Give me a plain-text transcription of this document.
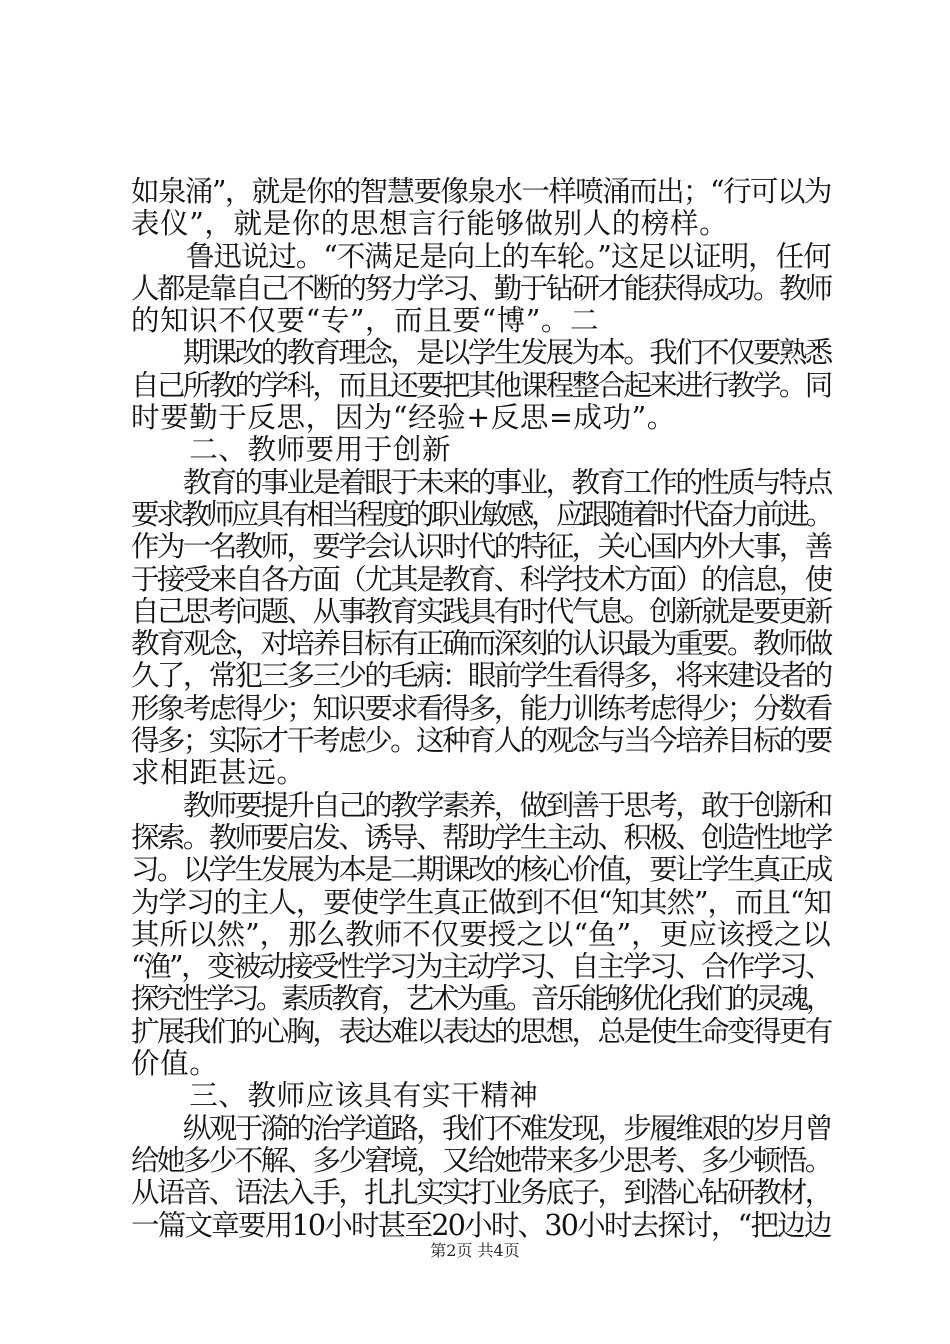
如泉涌”，就是你的智慧要像泉水一样喷涌而出；“行可以为
表仪”，就是你的思想言行能够做别人的榜样。
　　鲁迅说过。“不满足是向上的车轮。”这足以证明，任何
人都是靠自己不断的努力学习、勤于钻研才能获得成功。教师
的知识不仅要“专”，而且要“博”。二
　　期课改的教育理念，是以学生发展为本。我们不仅要熟悉
自己所教的学科，而且还要把其他课程整合起来进行教学。同
时要勤于反思，因为“经验+反思=成功”。
　　二、教师要用于创新
　　教育的事业是着眼于未来的事业，教育工作的性质与特点
要求教师应具有相当程度的职业敏感，应跟随着时代奋力前进。
作为一名教师，要学会认识时代的特征，关心国内外大事，善
于接受来自各方面（尤其是教育、科学技术方面）的信息，使
自己思考问题、从事教育实践具有时代气息。创新就是要更新
教育观念，对培养目标有正确而深刻的认识最为重要。教师做
久了，常犯三多三少的毛病：眼前学生看得多，将来建设者的
形象考虑得少；知识要求看得多，能力训练考虑得少；分数看
得多；实际才干考虑少。这种育人的观念与当今培养目标的要
求相距甚远。
　　教师要提升自己的教学素养，做到善于思考，敢于创新和
探索。教师要启发、诱导、帮助学生主动、积极、创造性地学
习。以学生发展为本是二期课改的核心价值，要让学生真正成
为学习的主人，要使学生真正做到不但“知其然”，而且“知
其所以然”，那么教师不仅要授之以“鱼”，更应该授之以
“渔”，变被动接受性学习为主动学习、自主学习、合作学习、
探究性学习。素质教育，艺术为重。音乐能够优化我们的灵魂，
扩展我们的心胸，表达难以表达的思想，总是使生命变得更有
价值。
　　三、教师应该具有实干精神
　　纵观于漪的治学道路，我们不难发现，步履维艰的岁月曾
给她多少不解、多少窘境，又给她带来多少思考、多少顿悟。
从语音、语法入手，扎扎实实打业务底子，到潜心钻研教材，
一篇文章要用10小时甚至20小时、30小时去探讨，“把边边
第2页 共4页
